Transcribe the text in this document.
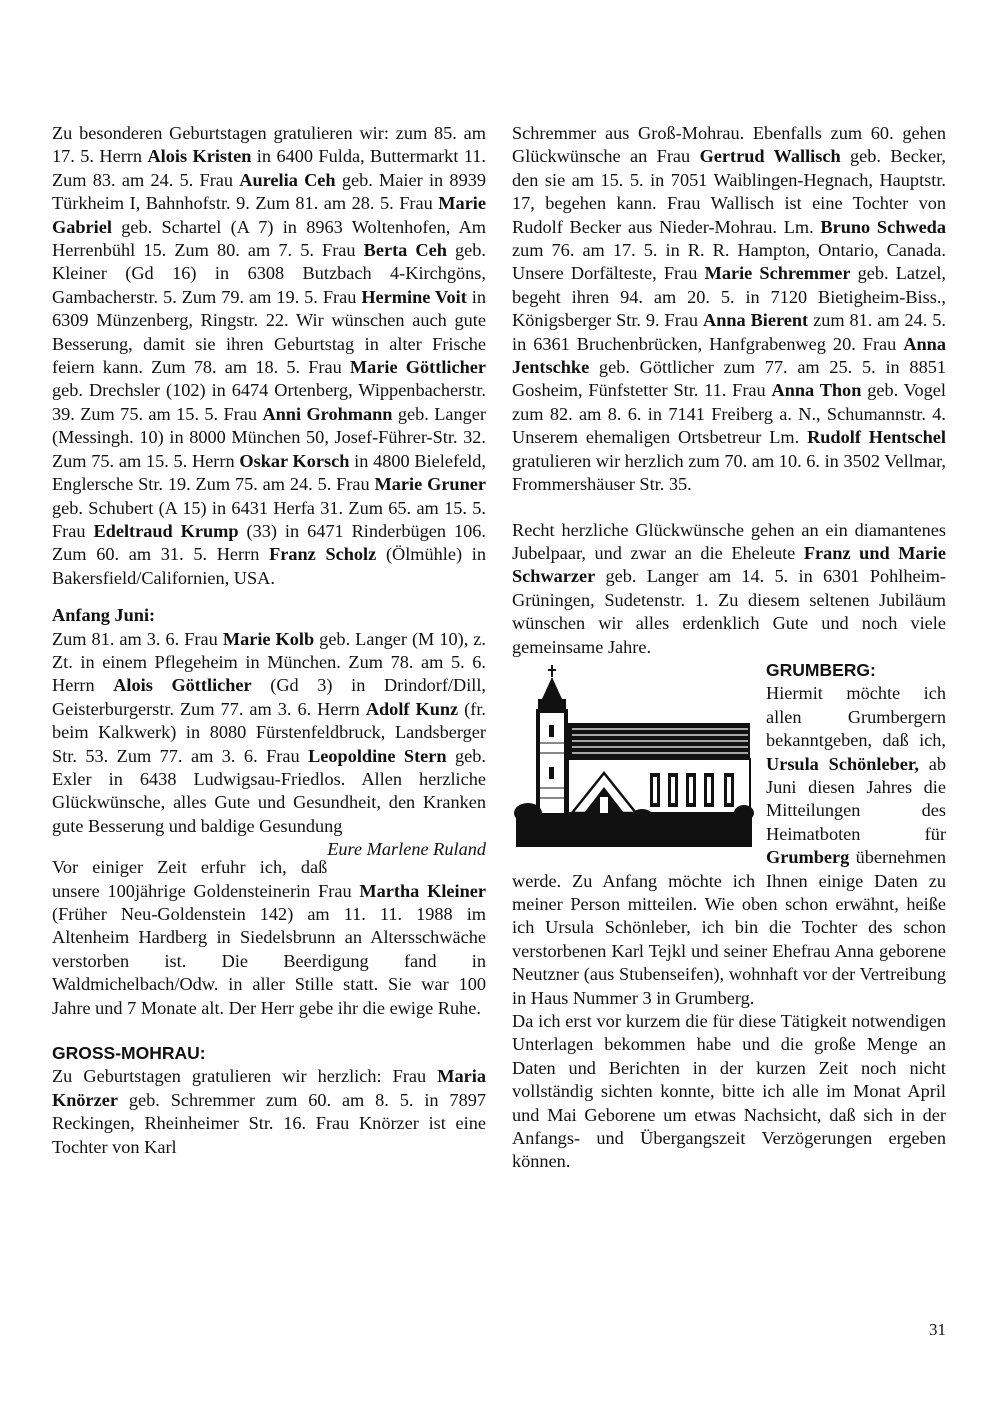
Zu besonderen Geburtstagen gratulieren wir: zum 85. am 17. 5. Herrn Alois Kristen in 6400 Fulda, Buttermarkt 11. Zum 83. am 24. 5. Frau Aurelia Ceh geb. Maier in 8939 Türkheim I, Bahnhofstr. 9. Zum 81. am 28. 5. Frau Marie Gabriel geb. Schartel (A 7) in 8963 Woltenhofen, Am Herrenbühl 15. Zum 80. am 7. 5. Frau Berta Ceh geb. Kleiner (Gd 16) in 6308 Butzbach 4-Kirchgöns, Gambacherstr. 5. Zum 79. am 19. 5. Frau Hermine Voit in 6309 Münzenberg, Ringstr. 22. Wir wünschen auch gute Besserung, damit sie ihren Geburtstag in alter Frische feiern kann. Zum 78. am 18. 5. Frau Marie Göttlicher geb. Drechsler (102) in 6474 Ortenberg, Wippenbacherstr. 39. Zum 75. am 15. 5. Frau Anni Grohmann geb. Langer (Messingh. 10) in 8000 München 50, Josef-Führer-Str. 32. Zum 75. am 15. 5. Herrn Oskar Korsch in 4800 Bielefeld, Englersche Str. 19. Zum 75. am 24. 5. Frau Marie Gruner geb. Schubert (A 15) in 6431 Herfa 31. Zum 65. am 15. 5. Frau Edeltraud Krump (33) in 6471 Rinderbügen 106. Zum 60. am 31. 5. Herrn Franz Scholz (Ölmühle) in Bakersfield/Californien, USA.

Anfang Juni:

Zum 81. am 3. 6. Frau Marie Kolb geb. Langer (M 10), z. Zt. in einem Pflegeheim in München. Zum 78. am 5. 6. Herrn Alois Göttlicher (Gd 3) in Drindorf/Dill, Geisterburgerstr. Zum 77. am 3. 6. Herrn Adolf Kunz (fr. beim Kalkwerk) in 8080 Fürstenfeldbruck, Landsberger Str. 53. Zum 77. am 3. 6. Frau Leopoldine Stern geb. Exler in 6438 Ludwigsau-Friedlos. Allen herzliche Glückwünsche, alles Gute und Gesundheit, den Kranken gute Besserung und baldige Gesundung
Eure Marlene Ruland

Vor einiger Zeit erfuhr ich, daß unsere 100jährige Goldensteinerin Frau Martha Kleiner (Früher Neu-Goldenstein 142) am 11. 11. 1988 im Altenheim Hardberg in Siedelsbrunn an Altersschwäche verstorben ist. Die Beerdigung fand in Waldmichelbach/Odw. in aller Stille statt. Sie war 100 Jahre und 7 Monate alt. Der Herr gebe ihr die ewige Ruhe.

GROSS-MOHRAU:

Zu Geburtstagen gratulieren wir herzlich: Frau Maria Knörzer geb. Schremmer zum 60. am 8. 5. in 7897 Reckingen, Rheinheimer Str. 16. Frau Knörzer ist eine Tochter von Karl

Schremmer aus Groß-Mohrau. Ebenfalls zum 60. gehen Glückwünsche an Frau Gertrud Wallisch geb. Becker, den sie am 15. 5. in 7051 Waiblingen-Hegnach, Hauptstr. 17, begehen kann. Frau Wallisch ist eine Tochter von Rudolf Becker aus Nieder-Mohrau. Lm. Bruno Schweda zum 76. am 17. 5. in R. R. Hampton, Ontario, Canada. Unsere Dorfälteste, Frau Marie Schremmer geb. Latzel, begeht ihren 94. am 20. 5. in 7120 Bietigheim-Biss., Königsberger Str. 9. Frau Anna Bierent zum 81. am 24. 5. in 6361 Bruchenbrücken, Hanfgrabenweg 20. Frau Anna Jentschke geb. Göttlicher zum 77. am 25. 5. in 8851 Gosheim, Fünfstetter Str. 11. Frau Anna Thon geb. Vogel zum 82. am 8. 6. in 7141 Freiberg a. N., Schumannstr. 4. Unserem ehemaligen Ortsbetreur Lm. Rudolf Hentschel gratulieren wir herzlich zum 70. am 10. 6. in 3502 Vellmar, Frommershäuser Str. 35.

Recht herzliche Glückwünsche gehen an ein diamantenes Jubelpaar, und zwar an die Eheleute Franz und Marie Schwarzer geb. Langer am 14. 5. in 6301 Pohlheim-Grüningen, Sudetenstr. 1. Zu diesem seltenen Jubiläum wünschen wir alles erdenklich Gute und noch viele gemeinsame Jahre.

GRUMBERG:

Hiermit möchte ich allen Grumbergern bekanntgeben, daß ich, Ursula Schönleber, ab Juni diesen Jahres die Mitteilungen des Heimatboten für Grumberg übernehmen werde. Zu Anfang möchte ich Ihnen einige Daten zu meiner Person mitteilen. Wie oben schon erwähnt, heiße ich Ursula Schönleber, ich bin die Tochter des schon verstorbenen Karl Tejkl und seiner Ehefrau Anna geborene Neutzner (aus Stubenseifen), wohnhaft vor der Vertreibung in Haus Nummer 3 in Grumberg.

Da ich erst vor kurzem die für diese Tätigkeit notwendigen Unterlagen bekommen habe und die große Menge an Daten und Berichten in der kurzen Zeit noch nicht vollständig sichten konnte, bitte ich alle im Monat April und Mai Geborene um etwas Nachsicht, daß sich in der Anfangs- und Übergangszeit Verzögerungen ergeben können.

31
